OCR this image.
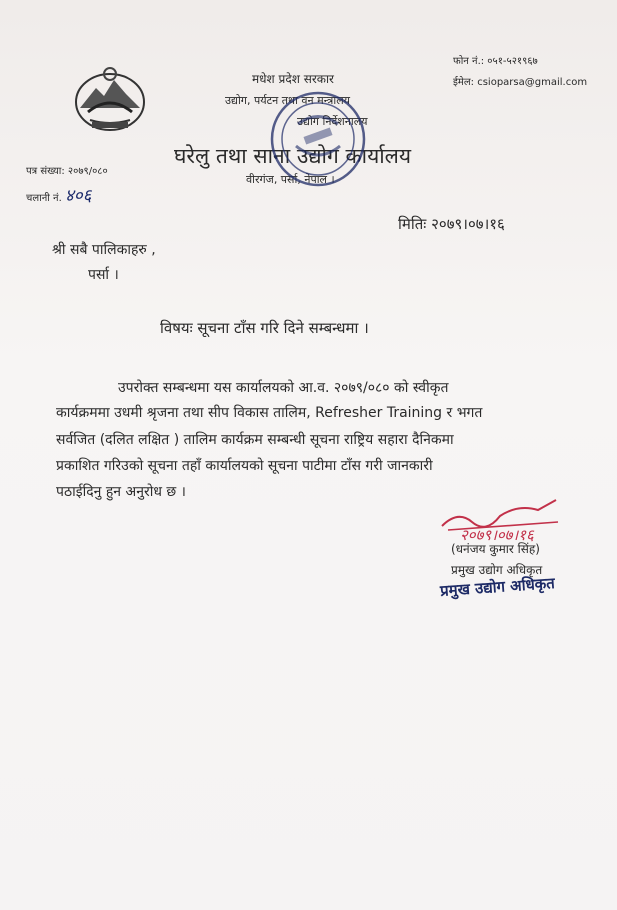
मधेश प्रदेश सरकार
उद्योग, पर्यटन तथा वन मन्त्रालय
उद्योग निर्देशनालय
घरेलु तथा साना उद्योग कार्यालय
वीरगंज, पर्सा, नेपाल ।
फोन नं.: ०५१-५२१९६७
ईमेल: csioparsa@gmail.com
पत्र संख्या: २०७९/०८०
चलानी नं. ४०६
मितिः २०७९।०७।१६
श्री सबै पालिकाहरु ,
पर्सा ।
विषयः सूचना टाँस गरि दिने सम्बन्धमा ।
उपरोक्त सम्बन्धमा यस कार्यालयको आ.व. २०७९/०८० को स्वीकृत
कार्यक्रममा उधमी श्रृजना तथा सीप विकास तालिम, Refresher Training र भगत
सर्वजित (दलित लक्षित ) तालिम कार्यक्रम सम्बन्धी सूचना राष्ट्रिय सहारा दैनिकमा
प्रकाशित गरिउको सूचना तहाँ कार्यालयको सूचना पाटीमा टाँस गरी जानकारी
पठाईदिनु हुन अनुरोध छ ।
२०७९।०७।१६
(धनंजय कुमार सिंह)
प्रमुख उद्योग अधिकृत
प्रमुख उद्योग अधिकृत
